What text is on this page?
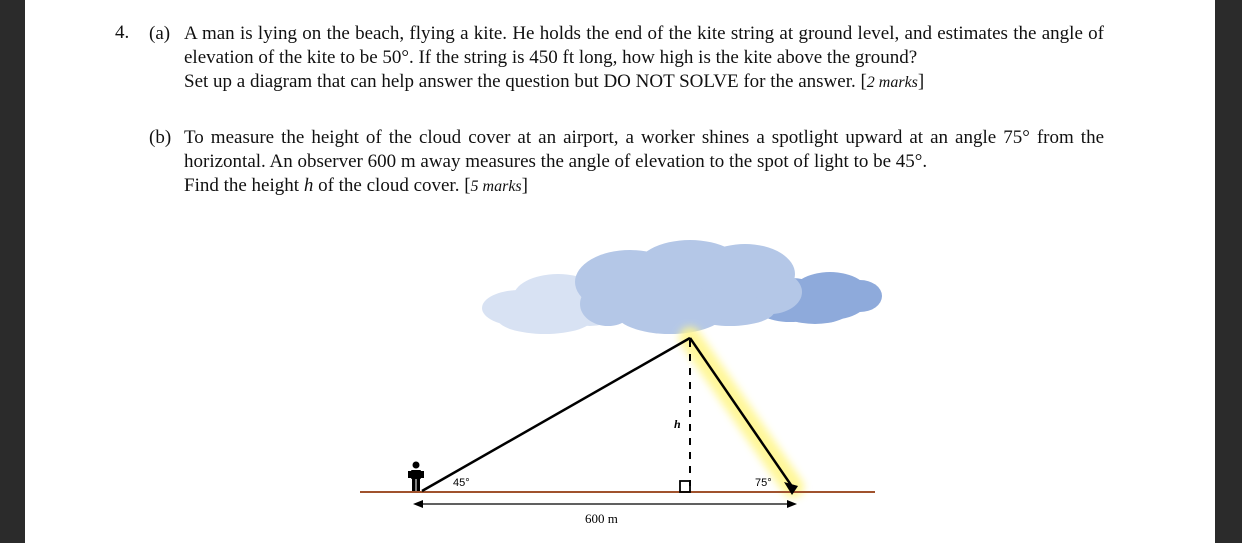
4. (a) A man is lying on the beach, flying a kite. He holds the end of the kite string at ground level, and estimates the angle of elevation of the kite to be 50°. If the string is 450 ft long, how high is the kite above the ground?

Set up a diagram that can help answer the question but DO NOT SOLVE for the answer. [2 marks]

(b) To measure the height of the cloud cover at an airport, a worker shines a spotlight upward at an angle 75° from the horizontal. An observer 600 m away measures the angle of elevation to the spot of light to be 45°.

Find the height h of the cloud cover. [5 marks]

45°	75°
h
600 m
